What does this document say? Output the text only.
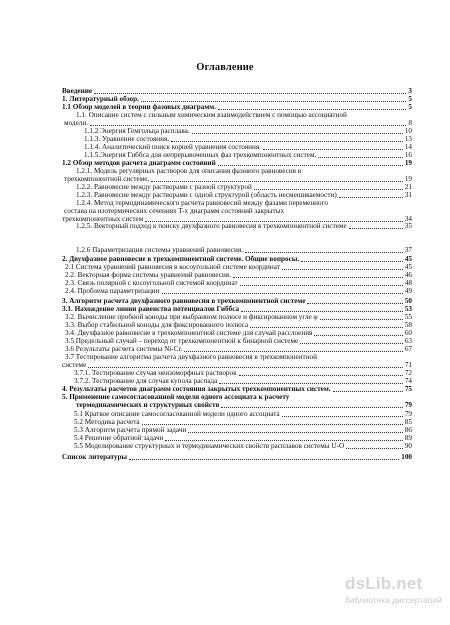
Оглавление
Введение	3
1. Литературный обзор.	5
1.1 Обзор моделей в теории фазовых диаграмм.	5
1.1. Описание систем с сильным химическим взаимодействием с помощью ассоциатной
модели.	8
1.1.2 Энергия Гемгольца расплава.	10
1.1.3. Уравнение состояния.	13
1.1.4. Аналитический поиск корней уравнения состояния.	14
1.1.5.Энергия Гиббса для непрерывоченных фаз трехкомпонентных систем.	16
1.2 Обзор методов расчета диаграмм состояний	19
1.2.1. Модель регулярных растворов для описания фазового равновесия в
трехкомпонентной системе.	19
1.2.2. Равновесие между растворами с разной структурой	21
1.2.3. Равновесие между растворами с одной структурой (область несмешиваемости)	31
1.2.4. Метод термодинамического расчета равновесий между фазами переменного
состава на изотермических сечениях T-x диаграмм состояний закрытых
трехкомпонентных систем	34
1.2.5. Векторный подход к поиску двухфазного равновесия в трехкомпонентной системе	35
1.2.6 Параметризация системы уравнений равновесия.	37
2. Двухфазное равновесие в трехкомпонентной системе. Общие вопросы.	45
2.1 Система уравнений равновесия в косоугольной системе координат	45
2.2. Векторная форма системы уравнений равновесия.	46
2.3. Связь полярной с косоугольной системой координат	48
2.4. Проблема параметризации	49
3. Алгоритм расчета двухфазного равновесия в трехкомпонентной системе	50
3.1. Нахождение линии равенства потенциалов Гиббса	53
3.2. Вычисление пробной коноды при выбранном полюсе и фиксированном угле φ	55
3.3. Выбор стабильной коноды для фиксированного полюса	58
3.4. Двухфазное равновесие в трехкомпонентной системе для случай расслоения	60
3.5 Предельный случай – переход от трехкомпонентной к бинарной системе	63
3.6 Результаты расчета системы Ni-Cr.	67
3.7 Тестирование алгоритма расчета двухфазного равновесия в трехкомпонентной
системе	71
3.7.1. Тестирование случая неизоморфных растворов	72
3.7.2. Тестирование для случая купола распада	74
4. Результаты расчетов диаграмм состояния закрытых трехкомпонентных систем.	75
5. Применение самосогласованной модели одного ассоциата к расчету
термодинамических и структурных свойств	79
5.1 Краткое описание самосогласованной модели одного ассоциата	79
5.2 Методика расчета	85
5.3 Алгоритм расчета прямой задачи	86
5.4 Решение обратной задачи	89
5.5 Моделирование структурных и термодинамических свойств расплавов системы U-O	90
Список литературы	100
dsLib.net
библиотека диссертаций
